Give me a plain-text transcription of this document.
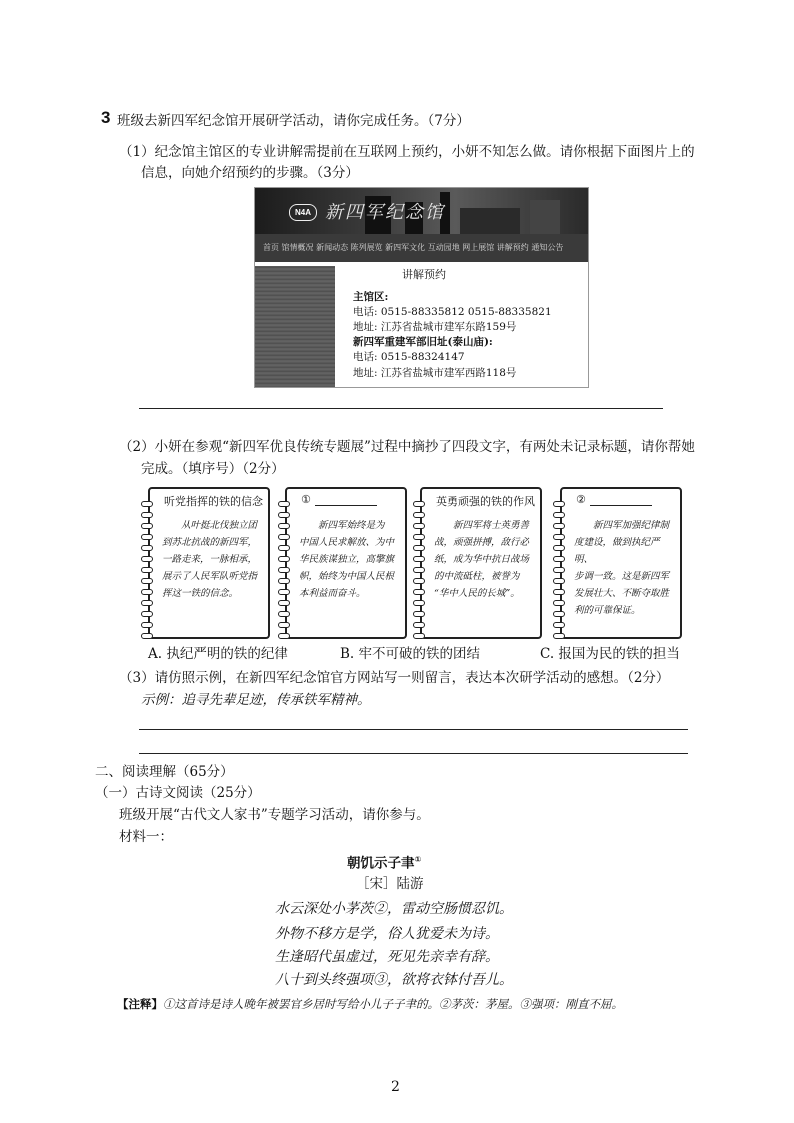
3 班级去新四军纪念馆开展研学活动，请你完成任务。（7分）
（1）纪念馆主馆区的专业讲解需提前在互联网上预约，小妍不知怎么做。请你根据下面图片上的
信息，向她介绍预约的步骤。（3分）
N4A 新四军纪念馆
首页 馆情概况 新闻动态 陈列展览 新四军文化 互动园地 网上展馆 讲解预约 通知公告
讲解预约
主馆区:
电话: 0515-88335812 0515-88335821
地址: 江苏省盐城市建军东路159号
新四军重建军部旧址(泰山庙):
电话: 0515-88324147
地址: 江苏省盐城市建军西路118号
（2）小妍在参观“新四军优良传统专题展”过程中摘抄了四段文字，有两处未记录标题，请你帮她
完成。（填序号）（2分）
听党指挥的铁的信念

从叶挺北伐独立团

到苏北抗战的新四军，

一路走来，一脉相承，

展示了人民军队听党指

挥这一铁的信念。

①

新四军始终是为

中国人民求解放、为中

华民族谋独立，高擎旗

帜，始终为中国人民根

本利益而奋斗。

英勇顽强的铁的作风

新四军将士英勇善

战，顽强拼搏，敌行必

纸，成为华中抗日战场

的中流砥柱，被誉为

“华中人民的长城”。

②

新四军加强纪律制

度建设，做到执纪严明、

步调一致。这是新四军

发展壮大、不断夺取胜

利的可靠保证。

A. 执纪严明的铁的纪律	B. 牢不可破的铁的团结	C. 报国为民的铁的担当
（3）请仿照示例，在新四军纪念馆官方网站写一则留言，表达本次研学活动的感想。（2分）
示例：追寻先辈足迹，传承铁军精神。
二、阅读理解（65分）
（一）古诗文阅读（25分）
班级开展“古代文人家书”专题学习活动，请你参与。
材料一：
朝饥示子聿①
［宋］陆游
水云深处小茅茨②，雷动空肠惯忍饥。
外物不移方是学，俗人犹爱未为诗。
生逢昭代虽虚过，死见先亲幸有辞。
八十到头终强项③，欲将衣钵付吾儿。
【注释】①这首诗是诗人晚年被罢官乡居时写给小儿子子聿的。②茅茨：茅屋。③强项：刚直不屈。
2
